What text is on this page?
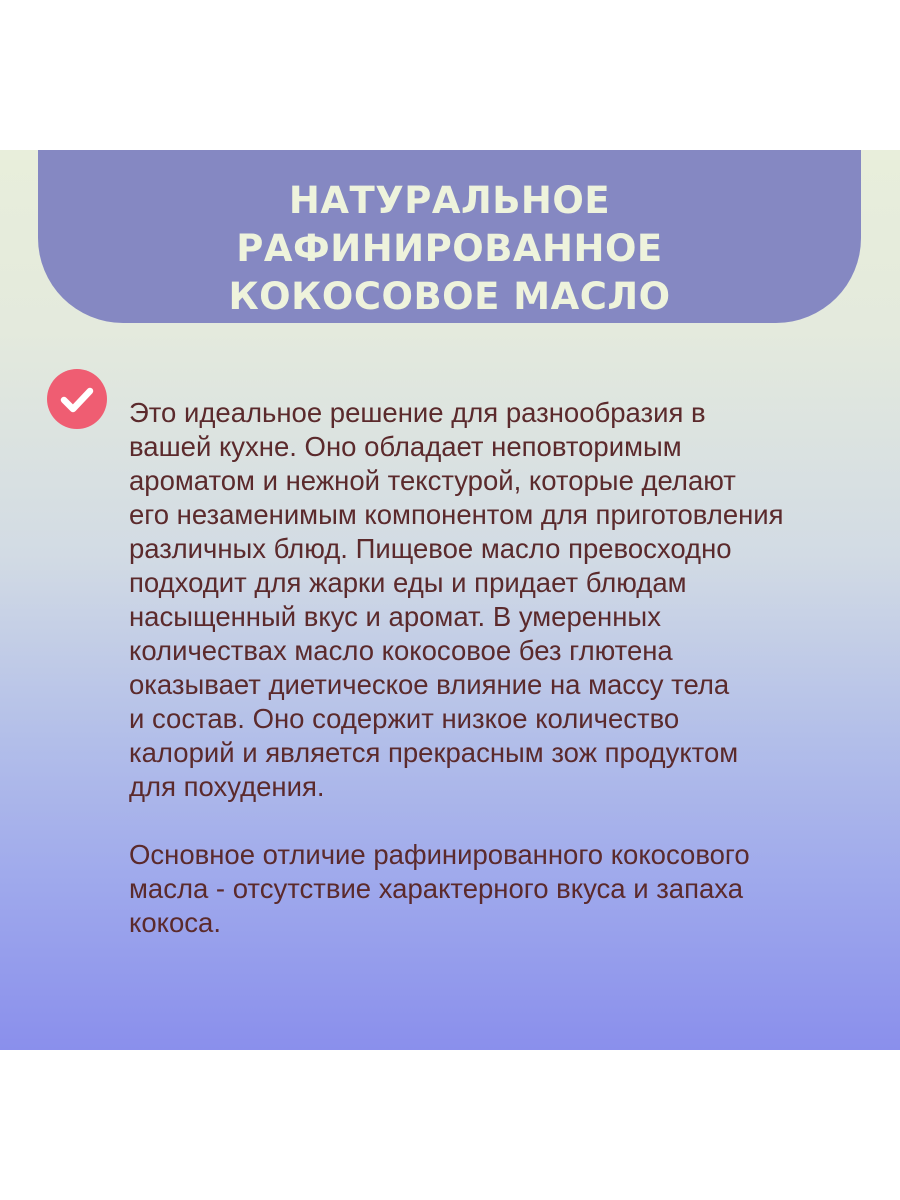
НАТУРАЛЬНОЕ
РАФИНИРОВАННОЕ
КОКОСОВОЕ МАСЛО

Это идеальное решение для разнообразия в
вашей кухне. Оно обладает неповторимым
ароматом и нежной текстурой, которые делают
его незаменимым компонентом для приготовления
различных блюд. Пищевое масло превосходно
подходит для жарки еды и придает блюдам
насыщенный вкус и аромат. В умеренных
количествах масло кокосовое без глютена
оказывает диетическое влияние на массу тела
и состав. Оно содержит низкое количество
калорий и является прекрасным зож продуктом
для похудения.

Основное отличие рафинированного кокосового
масла - отсутствие характерного вкуса и запаха
кокоса.
